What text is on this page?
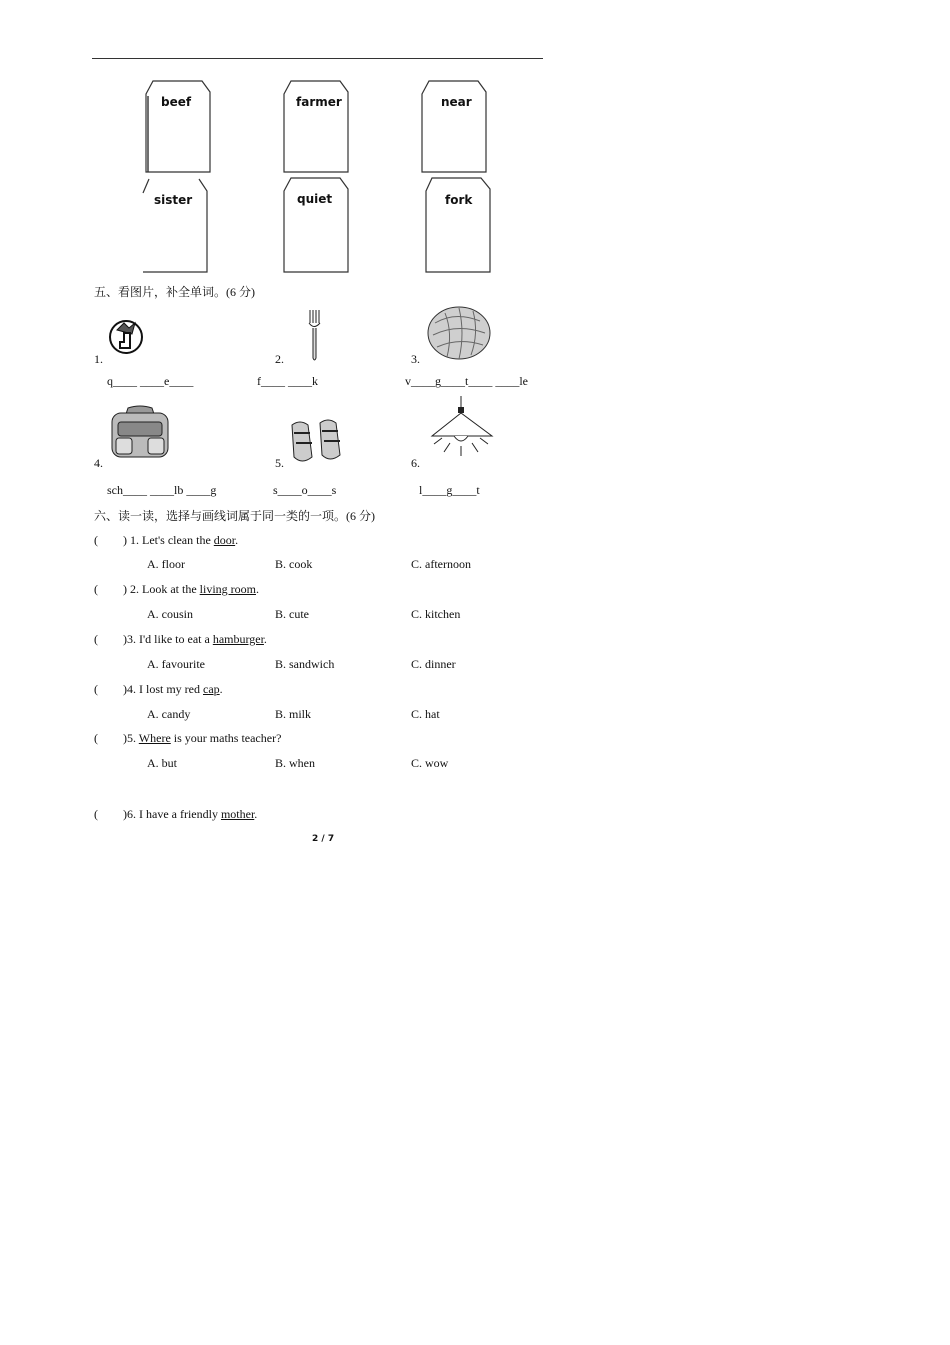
beef	farmer	near
sister	quiet	fork
五、看图片，补全单词。(6 分)
1.	2.	3.
q____ ____e____	f____ ____k	v____g____t____ ____le
4.	5.	6.
sch____ ____lb ____g	s____o____s	l____g____t
六、读一读，选择与画线词属于同一类的一项。(6 分)
( ) 1. Let's clean the door.
A. floor	B. cook	C. afternoon
( ) 2. Look at the living room.
A. cousin	B. cute	C. kitchen
( )3. I'd like to eat a hamburger.
A. favourite	B. sandwich	C. dinner
( )4. I lost my red cap.
A. candy	B. milk	C. hat
( )5. Where is your maths teacher?
A. but	B. when	C. wow
( )6. I have a friendly mother.
2 / 7
